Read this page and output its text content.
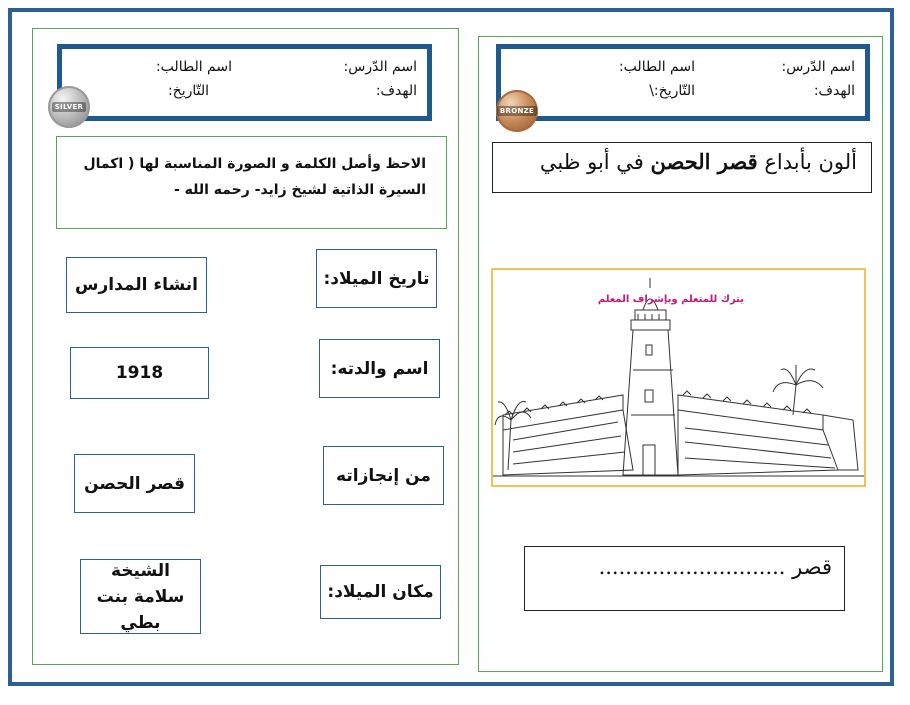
اسم الدّرس:
اسم الطالب:
الهدف:
التّاريخ:
SILVER
الاحظ وأصل الكلمة و الصورة المناسبة لها ( اكمال السيرة الذاتية لشيخ زايد- رحمه الله -
تاريخ الميلاد:
اسم والدته:
من إنجازاته
مكان الميلاد:
انشاء المدارس
1918
قصر الحصن
الشيخة سلامة بنت بطي
اسم الدّرس:
اسم الطالب:
الهدف:
التّاريخ:\
BRONZE
ألون بأبداع قصر الحصن في أبو ظبي
يترك للمتعلم وبإشراف المعلم
قصر ............................
